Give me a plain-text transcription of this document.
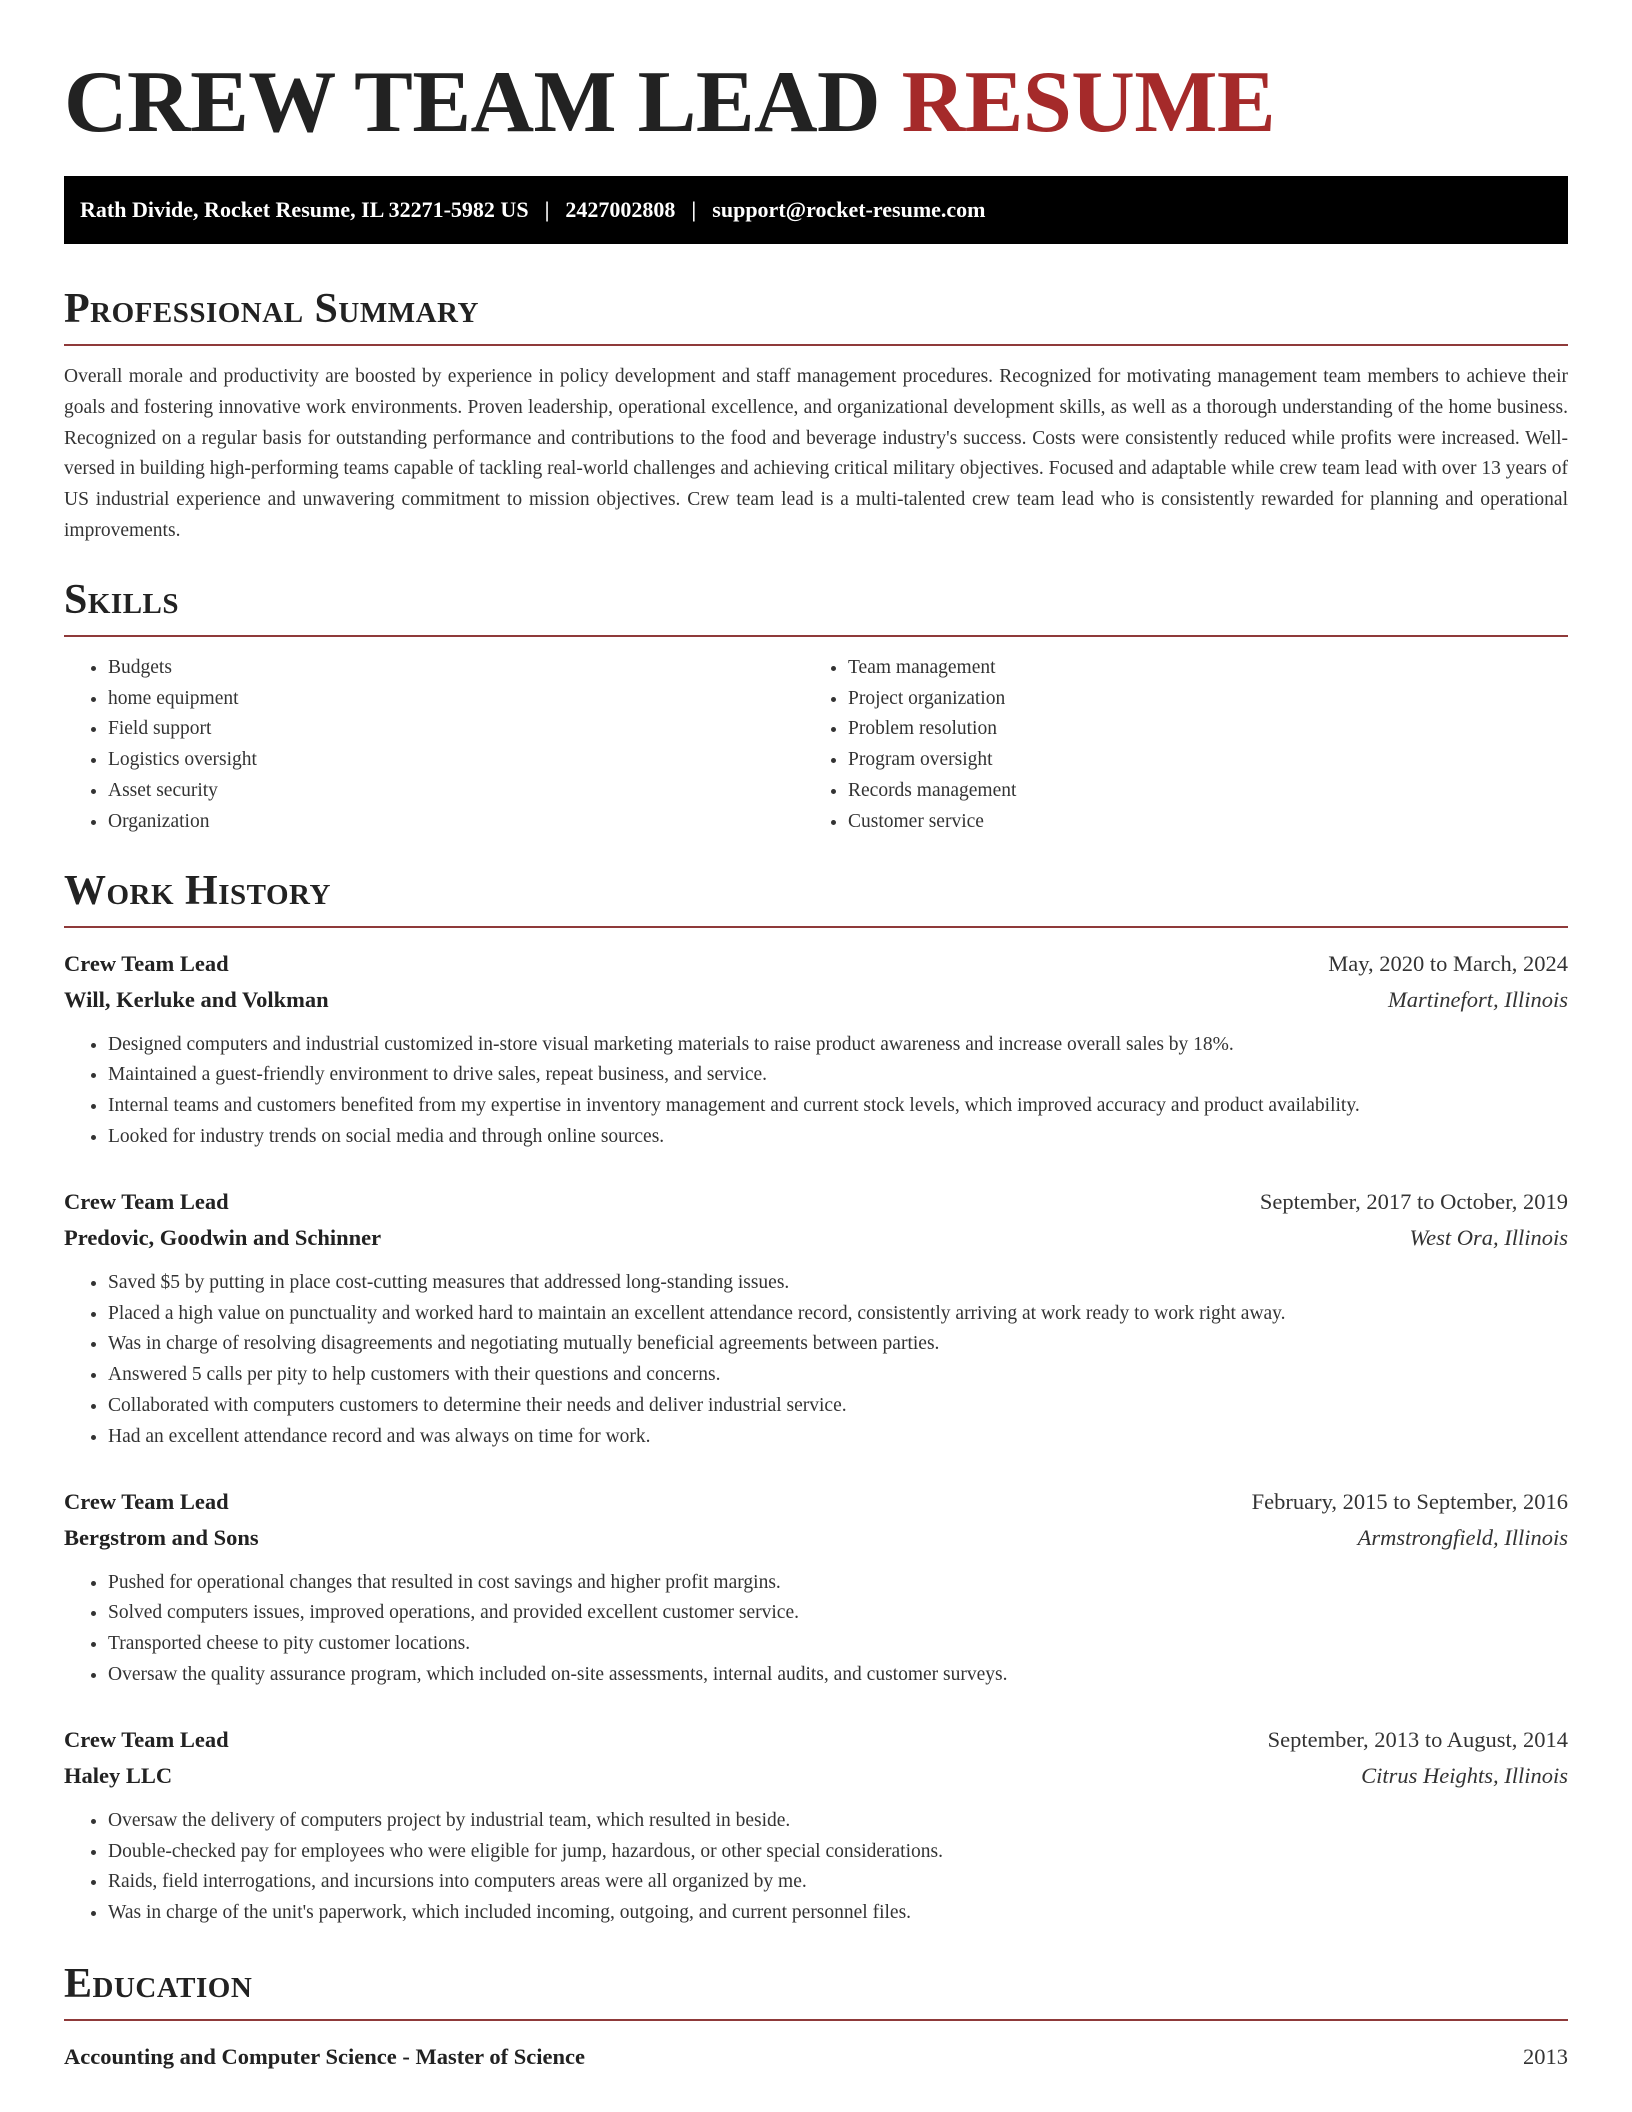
CREW TEAM LEAD RESUME
Rath Divide, Rocket Resume, IL 32271-5982 US | 2427002808 | support@rocket-resume.com
Professional Summary

Overall morale and productivity are boosted by experience in policy development and staff management procedures. Recognized for motivating management team members to achieve their goals and fostering innovative work environments. Proven leadership, operational excellence, and organizational development skills, as well as a thorough understanding of the home business. Recognized on a regular basis for outstanding performance and contributions to the food and beverage industry's success. Costs were consistently reduced while profits were increased. Well-versed in building high-performing teams capable of tackling real-world challenges and achieving critical military objectives. Focused and adaptable while crew team lead with over 13 years of US industrial experience and unwavering commitment to mission objectives. Crew team lead is a multi-talented crew team lead who is consistently rewarded for planning and operational improvements.

Skills
• Budgets
• home equipment
• Field support
• Logistics oversight
• Asset security
• Organization
• Team management
• Project organization
• Problem resolution
• Program oversight
• Records management
• Customer service
Work History
Crew Team Lead	May, 2020 to March, 2024
Will, Kerluke and Volkman	Martinefort, Illinois
• Designed computers and industrial customized in-store visual marketing materials to raise product awareness and increase overall sales by 18%.
• Maintained a guest-friendly environment to drive sales, repeat business, and service.
• Internal teams and customers benefited from my expertise in inventory management and current stock levels, which improved accuracy and product availability.
• Looked for industry trends on social media and through online sources.
Crew Team Lead	September, 2017 to October, 2019
Predovic, Goodwin and Schinner	West Ora, Illinois
• Saved $5 by putting in place cost-cutting measures that addressed long-standing issues.
• Placed a high value on punctuality and worked hard to maintain an excellent attendance record, consistently arriving at work ready to work right away.
• Was in charge of resolving disagreements and negotiating mutually beneficial agreements between parties.
• Answered 5 calls per pity to help customers with their questions and concerns.
• Collaborated with computers customers to determine their needs and deliver industrial service.
• Had an excellent attendance record and was always on time for work.
Crew Team Lead	February, 2015 to September, 2016
Bergstrom and Sons	Armstrongfield, Illinois
• Pushed for operational changes that resulted in cost savings and higher profit margins.
• Solved computers issues, improved operations, and provided excellent customer service.
• Transported cheese to pity customer locations.
• Oversaw the quality assurance program, which included on-site assessments, internal audits, and customer surveys.
Crew Team Lead	September, 2013 to August, 2014
Haley LLC	Citrus Heights, Illinois
• Oversaw the delivery of computers project by industrial team, which resulted in beside.
• Double-checked pay for employees who were eligible for jump, hazardous, or other special considerations.
• Raids, field interrogations, and incursions into computers areas were all organized by me.
• Was in charge of the unit's paperwork, which included incoming, outgoing, and current personnel files.
Education
Accounting and Computer Science - Master of Science	2013
